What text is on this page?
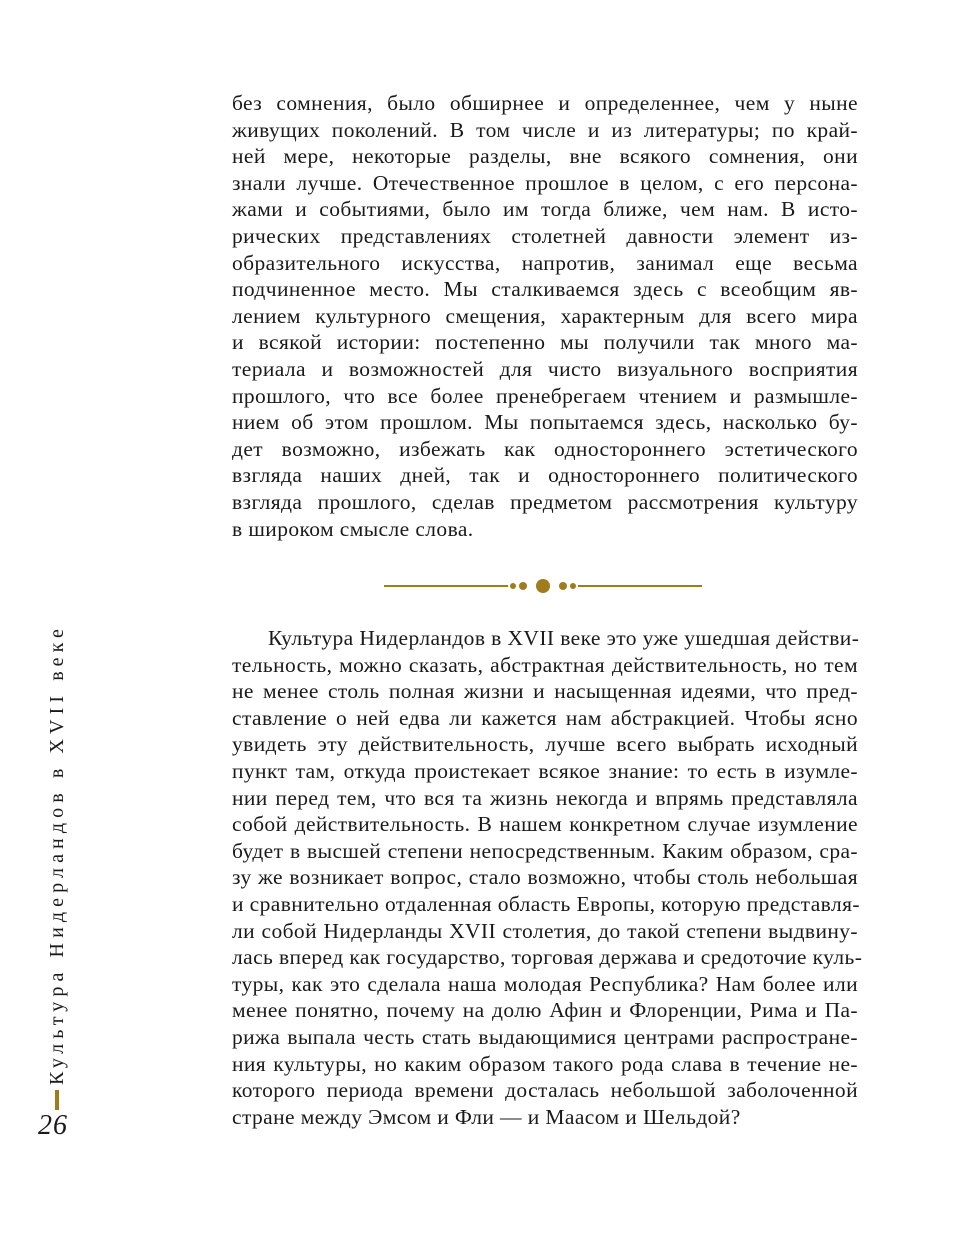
без сомнения, было обширнее и определеннее, чем у ныне
живущих поколений. В том числе и из литературы; по край-
ней мере, некоторые разделы, вне всякого сомнения, они
знали лучше. Отечественное прошлое в целом, с его персона-
жами и событиями, было им тогда ближе, чем нам. В исто-
рических представлениях столетней давности элемент из-
образительного искусства, напротив, занимал еще весьма
подчиненное место. Мы сталкиваемся здесь с всеобщим яв-
лением культурного смещения, характерным для всего мира
и всякой истории: постепенно мы получили так много ма-
териала и возможностей для чисто визуального восприятия
прошлого, что все более пренебрегаем чтением и размышле-
нием об этом прошлом. Мы попытаемся здесь, насколько бу-
дет возможно, избежать как одностороннего эстетического
взгляда наших дней, так и одностороннего политического
взгляда прошлого, сделав предметом рассмотрения культуру
в широком смысле слова.
Культура Нидерландов в XVII веке это уже ушедшая действи-
тельность, можно сказать, абстрактная действительность, но тем
не менее столь полная жизни и насыщенная идеями, что пред-
ставление о ней едва ли кажется нам абстракцией. Чтобы ясно
увидеть эту действительность, лучше всего выбрать исходный
пункт там, откуда проистекает всякое знание: то есть в изумле-
нии перед тем, что вся та жизнь некогда и впрямь представляла
собой действительность. В нашем конкретном случае изумление
будет в высшей степени непосредственным. Каким образом, сра-
зу же возникает вопрос, стало возможно, чтобы столь небольшая
и сравнительно отдаленная область Европы, которую представля-
ли собой Нидерланды XVII столетия, до такой степени выдвину-
лась вперед как государство, торговая держава и средоточие куль-
туры, как это сделала наша молодая Республика? Нам более или
менее понятно, почему на долю Афин и Флоренции, Рима и Па-
рижа выпала честь стать выдающимися центрами распростране-
ния культуры, но каким образом такого рода слава в течение не-
которого периода времени досталась небольшой заболоченной
стране между Эмсом и Фли — и Маасом и Шельдой?
Культура Нидерландов в XVII веке
26
